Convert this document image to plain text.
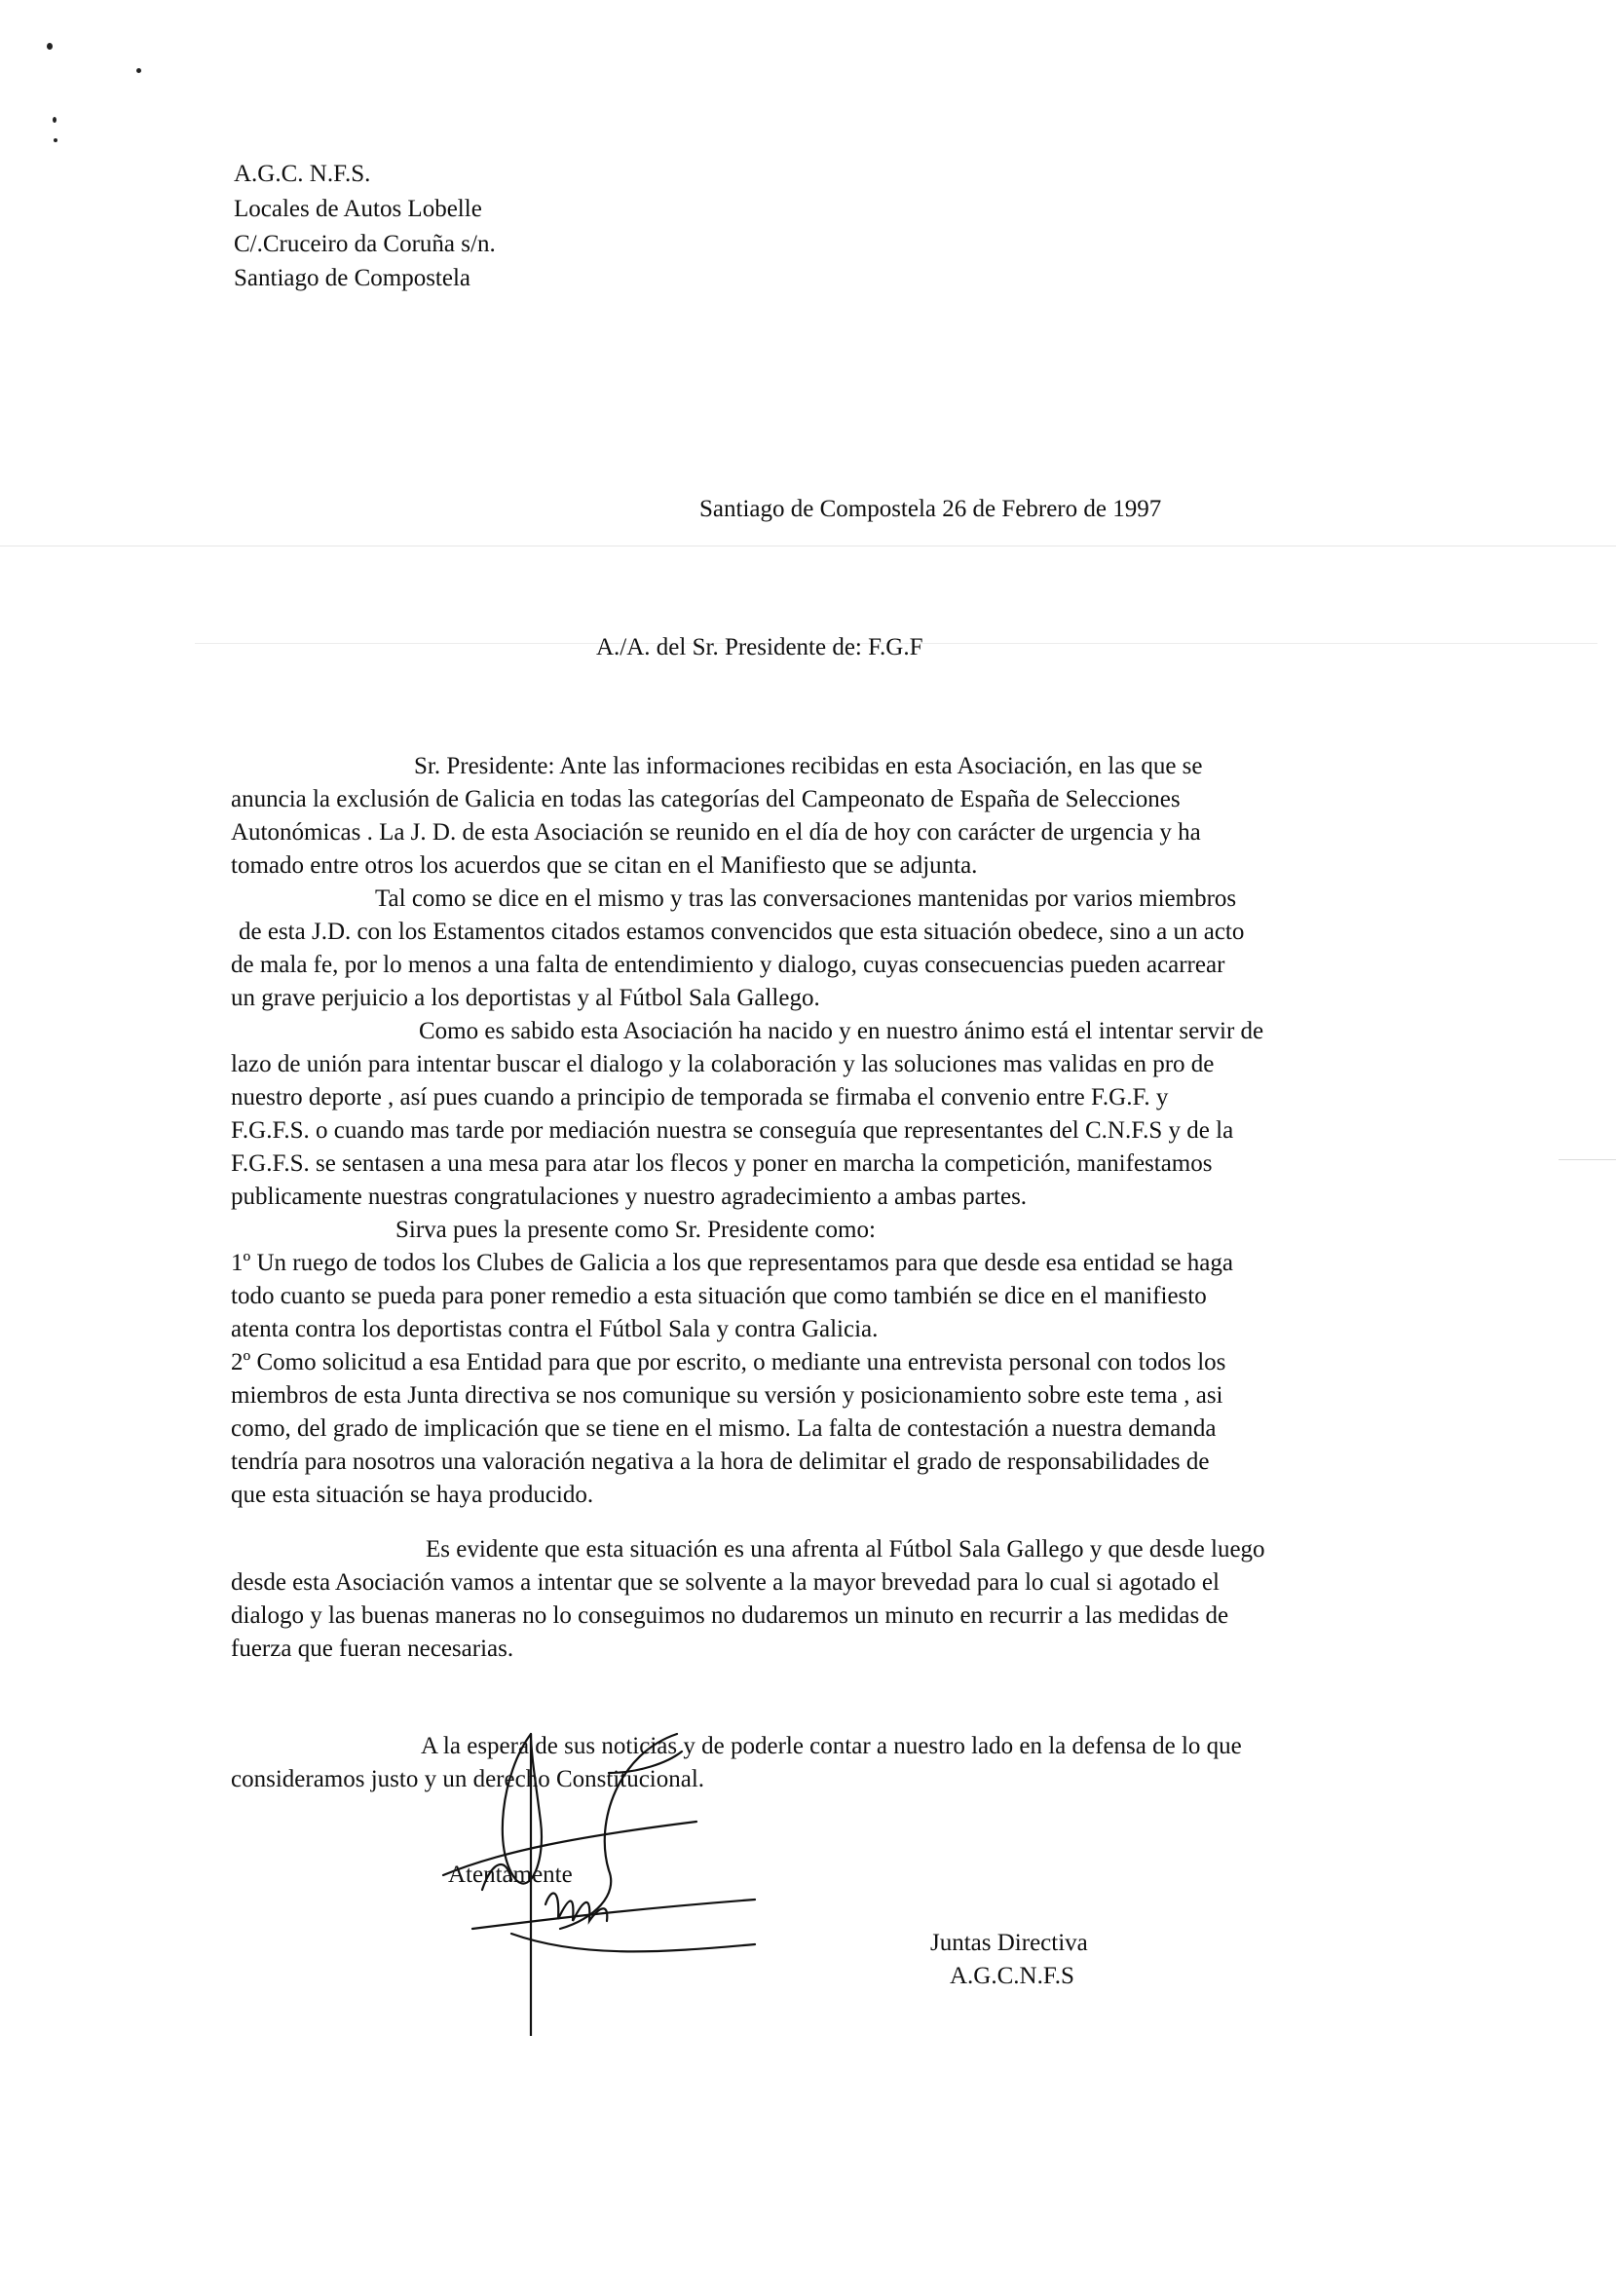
A.G.C. N.F.S.
Locales de Autos Lobelle
C/.Cruceiro da Coruña s/n.
Santiago de Compostela
Santiago de Compostela 26 de Febrero de 1997
A./A. del Sr. Presidente de: F.G.F
Sr. Presidente: Ante las informaciones recibidas en esta Asociación, en las que se
anuncia la exclusión de Galicia en todas las categorías del Campeonato de España de Selecciones
Autonómicas . La J. D. de esta Asociación se reunido en el día de hoy con carácter de urgencia y ha
tomado entre otros los acuerdos que se citan en el Manifiesto que se adjunta.
Tal como se dice en el mismo y tras las conversaciones mantenidas por varios miembros
de esta J.D. con los Estamentos citados estamos convencidos que esta situación obedece, sino a un acto
de mala fe, por lo menos a una falta de entendimiento y dialogo, cuyas consecuencias pueden acarrear
un grave perjuicio a los deportistas y al Fútbol Sala Gallego.
Como es sabido esta Asociación ha nacido y en nuestro ánimo está el intentar servir de
lazo de unión para intentar buscar el dialogo y la colaboración y las soluciones mas validas en pro de
nuestro deporte , así pues cuando a principio de temporada se firmaba el convenio entre F.G.F. y
F.G.F.S. o cuando mas tarde por mediación nuestra se conseguía que representantes del C.N.F.S y de la
F.G.F.S. se sentasen a una mesa para atar los flecos y poner en marcha la competición, manifestamos
publicamente nuestras congratulaciones y nuestro agradecimiento a ambas partes.
Sirva pues la presente como Sr. Presidente como:
1º Un ruego de todos los Clubes de Galicia a los que representamos para que desde esa entidad se haga
todo cuanto se pueda para poner remedio a esta situación que como también se dice en el manifiesto
atenta contra los deportistas contra el Fútbol Sala y contra Galicia.
2º Como solicitud a esa Entidad para que por escrito, o mediante una entrevista personal con todos los
miembros de esta Junta directiva se nos comunique su versión y posicionamiento sobre este tema , asi
como, del grado de implicación que se tiene en el mismo. La falta de contestación a nuestra demanda
tendría para nosotros una valoración negativa a la hora de delimitar el grado de responsabilidades de
que esta situación se haya producido.
Es evidente que esta situación es una afrenta al Fútbol Sala Gallego y que desde luego
desde esta Asociación vamos a intentar que se solvente a la mayor brevedad para lo cual si agotado el
dialogo y las buenas maneras no lo conseguimos no dudaremos un minuto en recurrir a las medidas de
fuerza que fueran necesarias.
A la espera de sus noticias y de poderle contar a nuestro lado en la defensa de lo que
consideramos justo y un derecho Constitucional.
Atentamente
Juntas Directiva
A.G.C.N.F.S
